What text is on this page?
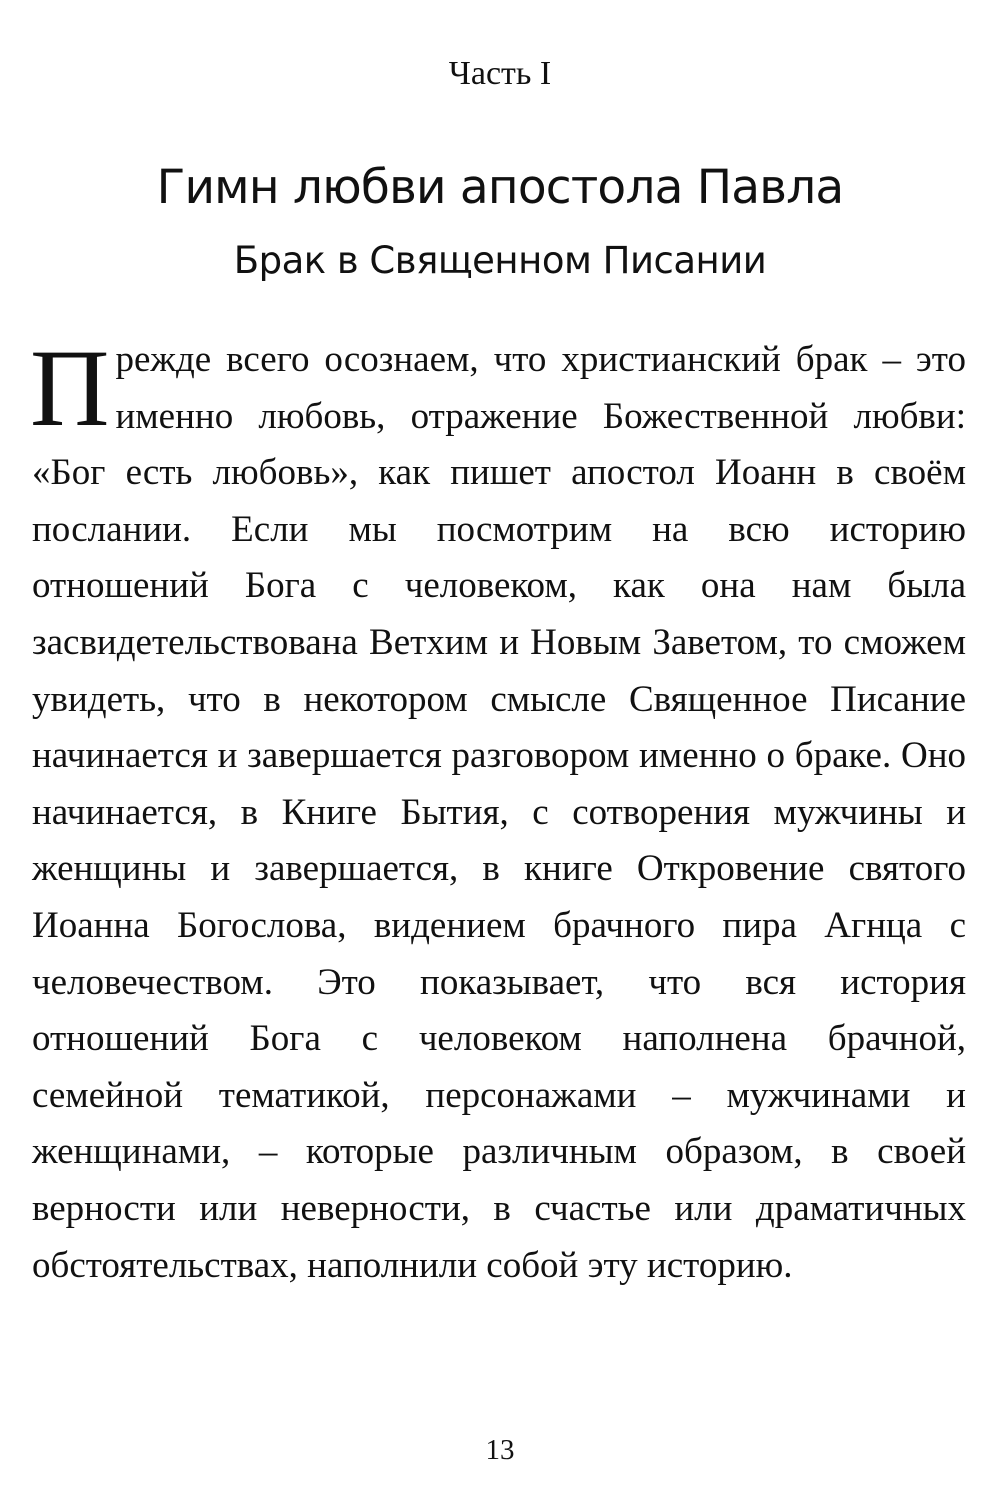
Часть I
Гимн любви апостола Павла
Брак в Священном Писании

Прежде всего осознаем, что христианский брак – это именно любовь, отражение Божественной любви: «Бог есть любовь», как пишет апостол Иоанн в своём послании. Если мы посмотрим на всю историю отношений Бога с человеком, как она нам была засвидетельствована Ветхим и Новым Заветом, то сможем увидеть, что в некотором смысле Священное Писание начинается и завершается разговором именно о браке. Оно начинается, в Книге Бытия, с сотворения мужчины и женщины и завершается, в книге Откровение святого Иоанна Богослова, видением брачного пира Агнца с человечеством. Это показывает, что вся история отношений Бога с человеком наполнена брачной, семейной тематикой, персонажами – мужчинами и женщинами, – которые различным образом, в своей верности или неверности, в счастье или драматичных обстоятельствах, наполнили собой эту историю.

13
